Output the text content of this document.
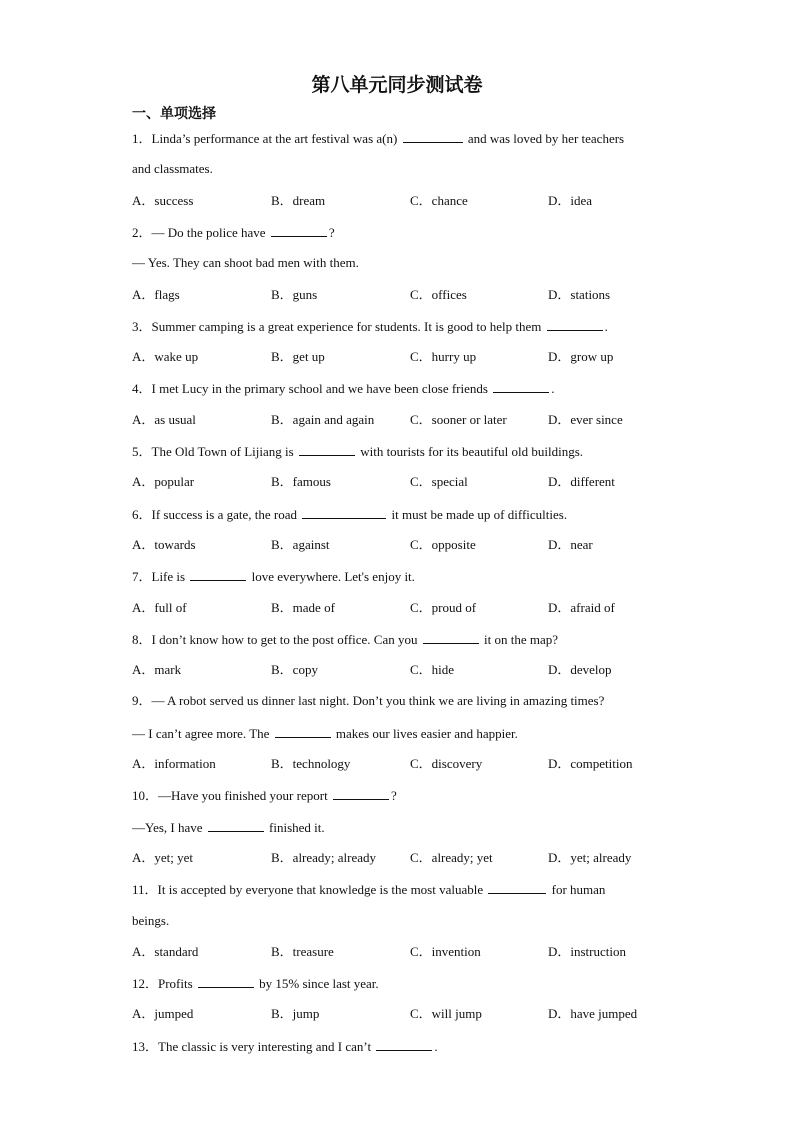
第八单元同步测试卷
一、单项选择
1．Linda’s performance at the art festival was a(n)	and was loved by her teachers
and classmates.
A．success	B．dream	C．chance	D．idea
2．— Do the police have	?
— Yes. They can shoot bad men with them.
A．flags	B．guns	C．offices	D．stations
3．Summer camping is a great experience for students. It is good to help them	.
A．wake up	B．get up	C．hurry up	D．grow up
4．I met Lucy in the primary school and we have been close friends	.
A．as usual	B．again and again	C．sooner or later	D．ever since
5．The Old Town of Lijiang is	with tourists for its beautiful old buildings.
A．popular	B．famous	C．special	D．different
6．If success is a gate, the road	it must be made up of difficulties.
A．towards	B．against	C．opposite	D．near
7．Life is	love everywhere. Let's enjoy it.
A．full of	B．made of	C．proud of	D．afraid of
8．I don’t know how to get to the post office. Can you	it on the map?
A．mark	B．copy	C．hide	D．develop
9．— A robot served us dinner last night. Don’t you think we are living in amazing times?
— I can’t agree more. The	makes our lives easier and happier.
A．information	B．technology	C．discovery	D．competition
10．—Have you finished your report	?
—Yes, I have	finished it.
A．yet; yet	B．already; already	C．already; yet	D．yet; already
11．It is accepted by everyone that knowledge is the most valuable	for human
beings.
A．standard	B．treasure	C．invention	D．instruction
12．Profits	by 15% since last year.
A．jumped	B．jump	C．will jump	D．have jumped
13．The classic is very interesting and I can’t	.
